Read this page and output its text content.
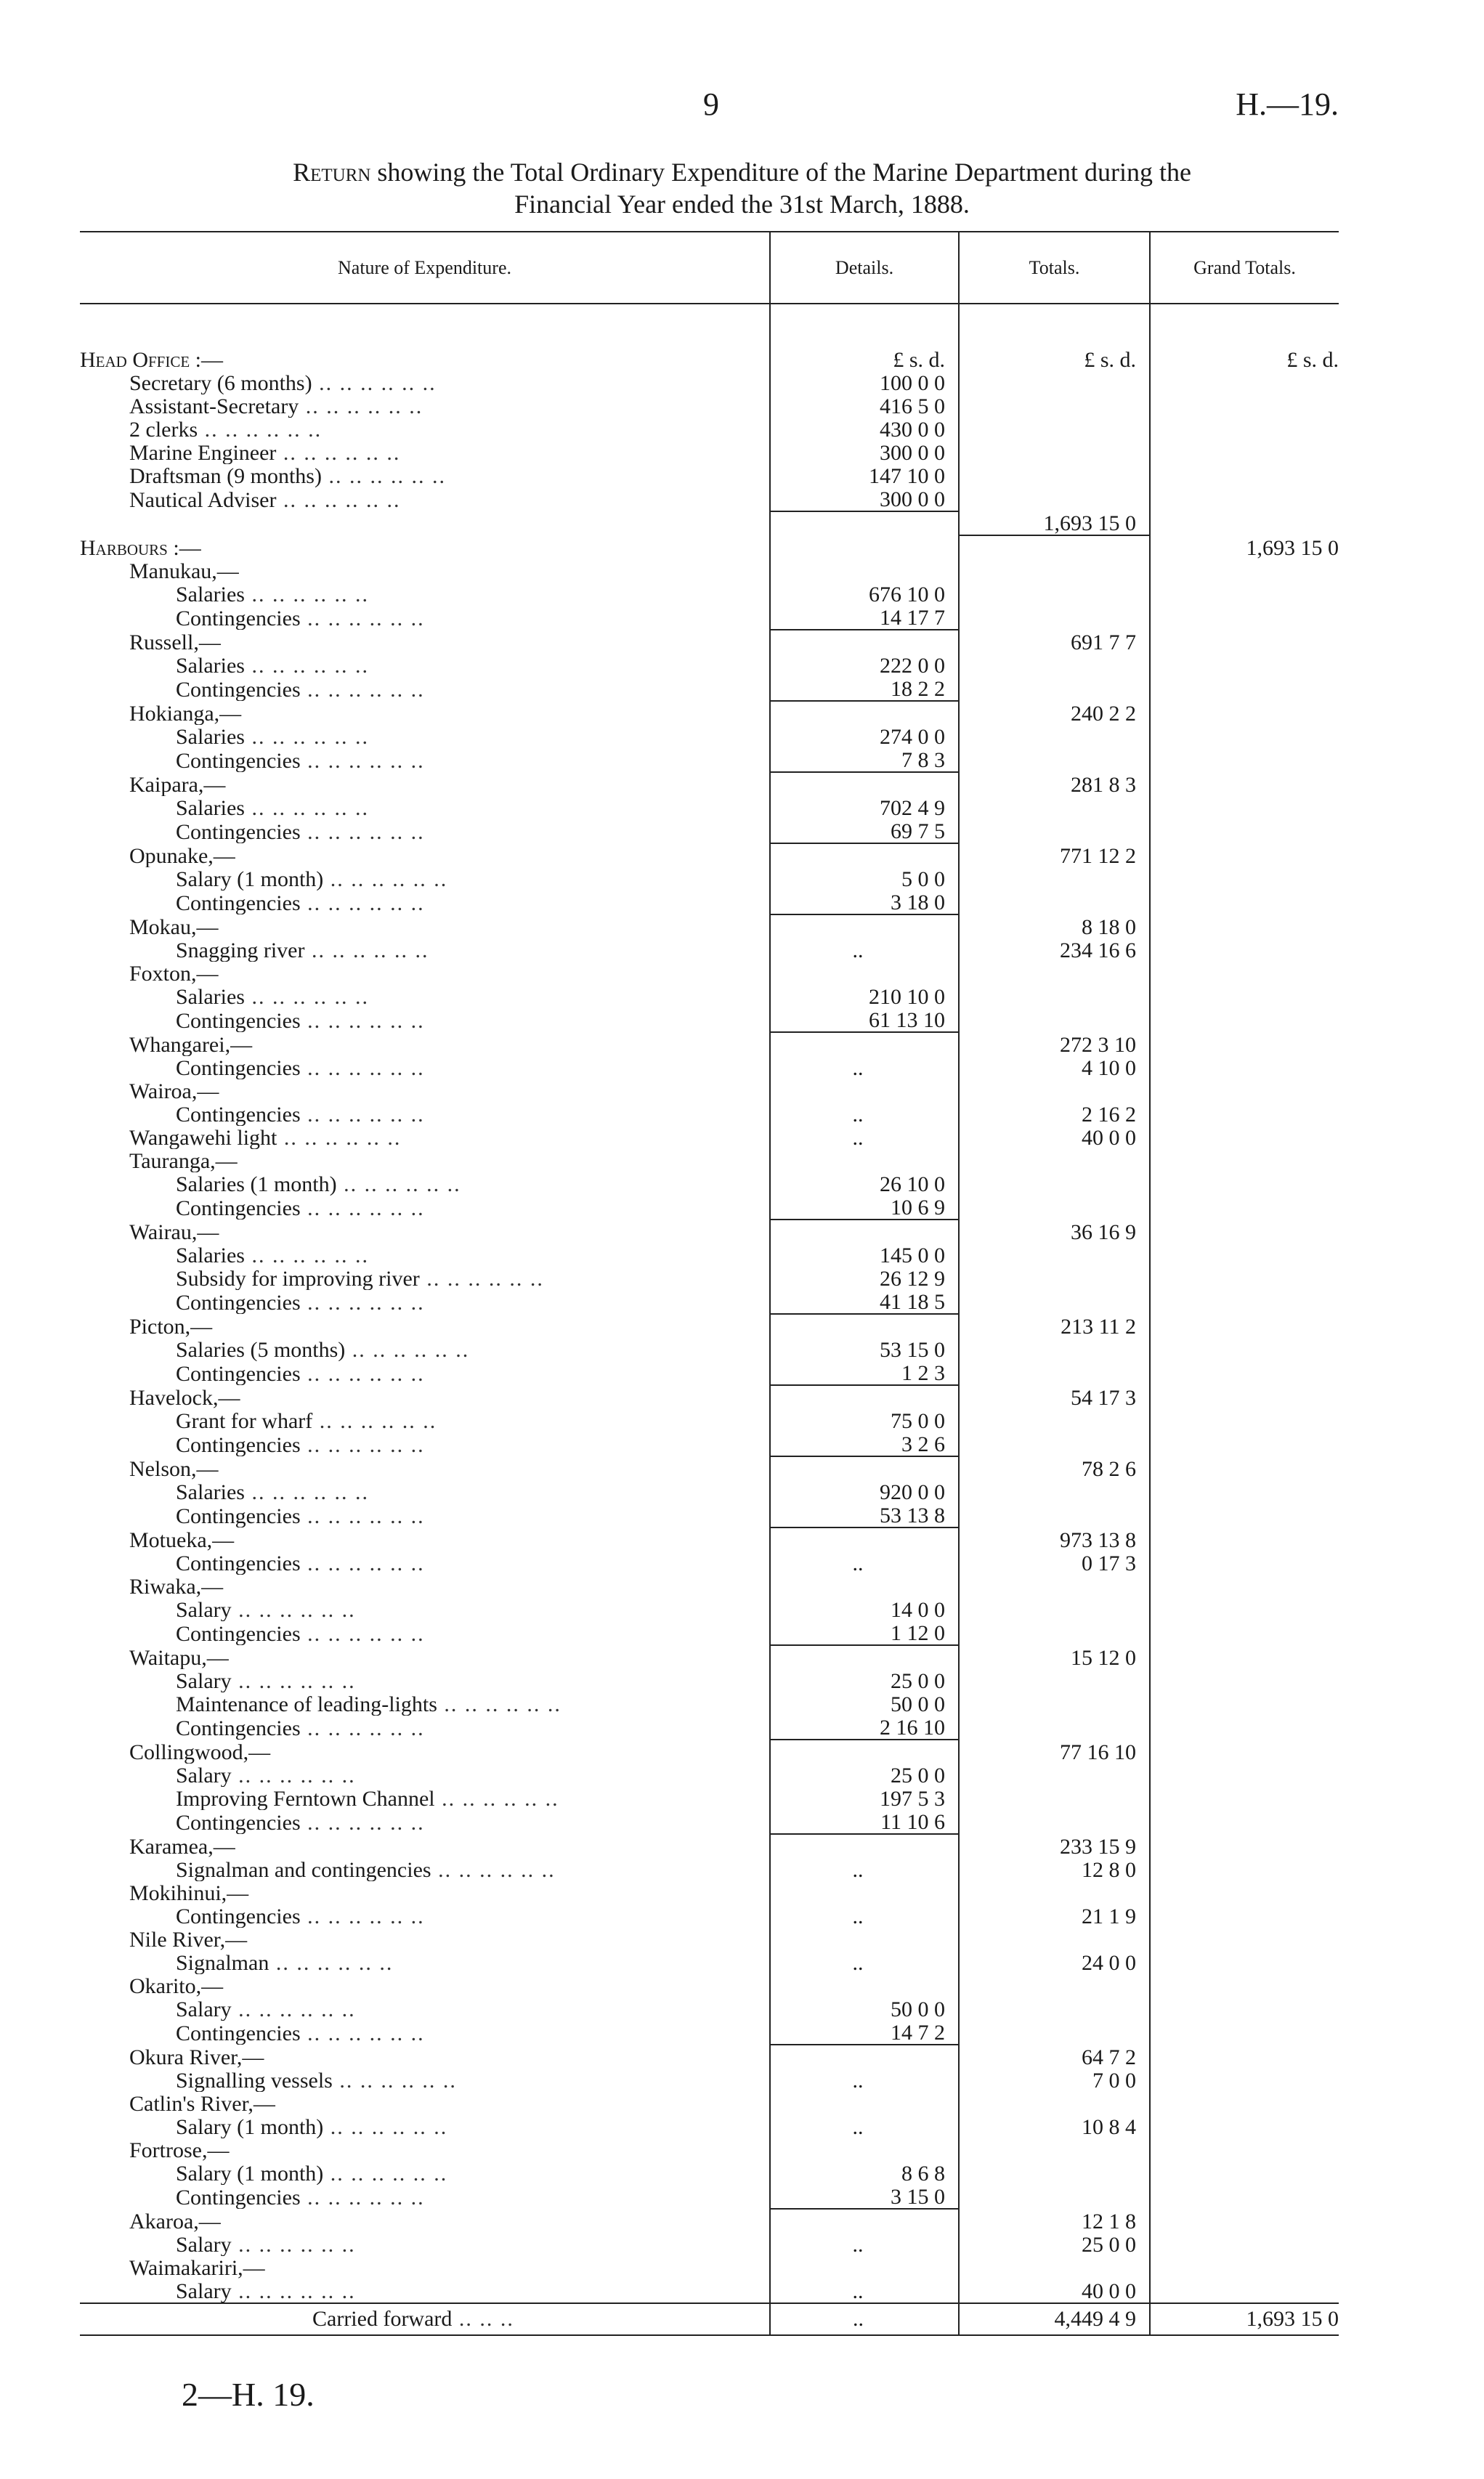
9	H.—19.
Return showing the Total Ordinary Expenditure of the Marine Department during the
Financial Year ended the 31st March, 1888.
Nature of Expenditure.	Details.	Totals.	Grand Totals.

Head Office :—	£ s. d.	£ s. d.	£ s. d.
Secretary (6 months) .. .. .. .. .. ..	100 0 0		
Assistant-Secretary .. .. .. .. .. ..	416 5 0		
2 clerks .. .. .. .. .. ..	430 0 0		
Marine Engineer .. .. .. .. .. ..	300 0 0		
Draftsman (9 months) .. .. .. .. .. ..	147 10 0		
Nautical Adviser .. .. .. .. .. ..	300 0 0		
		1,693 15 0	
Harbours :—			1,693 15 0
Manukau,—			
Salaries .. .. .. .. .. ..	676 10 0		
Contingencies .. .. .. .. .. ..	14 17 7		
Russell,—		691 7 7	
Salaries .. .. .. .. .. ..	222 0 0		
Contingencies .. .. .. .. .. ..	18 2 2		
Hokianga,—		240 2 2	
Salaries .. .. .. .. .. ..	274 0 0		
Contingencies .. .. .. .. .. ..	7 8 3		
Kaipara,—		281 8 3	
Salaries .. .. .. .. .. ..	702 4 9		
Contingencies .. .. .. .. .. ..	69 7 5		
Opunake,—		771 12 2	
Salary (1 month) .. .. .. .. .. ..	5 0 0		
Contingencies .. .. .. .. .. ..	3 18 0		
Mokau,—		8 18 0	
Snagging river .. .. .. .. .. ..	..	234 16 6	
Foxton,—			
Salaries .. .. .. .. .. ..	210 10 0		
Contingencies .. .. .. .. .. ..	61 13 10		
Whangarei,—		272 3 10	
Contingencies .. .. .. .. .. ..	..	4 10 0	
Wairoa,—			
Contingencies .. .. .. .. .. ..	..	2 16 2	
Wangawehi light .. .. .. .. .. ..	..	40 0 0	
Tauranga,—			
Salaries (1 month) .. .. .. .. .. ..	26 10 0		
Contingencies .. .. .. .. .. ..	10 6 9		
Wairau,—		36 16 9	
Salaries .. .. .. .. .. ..	145 0 0		
Subsidy for improving river .. .. .. .. .. ..	26 12 9		
Contingencies .. .. .. .. .. ..	41 18 5		
Picton,—		213 11 2	
Salaries (5 months) .. .. .. .. .. ..	53 15 0		
Contingencies .. .. .. .. .. ..	1 2 3		
Havelock,—		54 17 3	
Grant for wharf .. .. .. .. .. ..	75 0 0		
Contingencies .. .. .. .. .. ..	3 2 6		
Nelson,—		78 2 6	
Salaries .. .. .. .. .. ..	920 0 0		
Contingencies .. .. .. .. .. ..	53 13 8		
Motueka,—		973 13 8	
Contingencies .. .. .. .. .. ..	..	0 17 3	
Riwaka,—			
Salary .. .. .. .. .. ..	14 0 0		
Contingencies .. .. .. .. .. ..	1 12 0		
Waitapu,—		15 12 0	
Salary .. .. .. .. .. ..	25 0 0		
Maintenance of leading-lights .. .. .. .. .. ..	50 0 0		
Contingencies .. .. .. .. .. ..	2 16 10		
Collingwood,—		77 16 10	
Salary .. .. .. .. .. ..	25 0 0		
Improving Ferntown Channel .. .. .. .. .. ..	197 5 3		
Contingencies .. .. .. .. .. ..	11 10 6		
Karamea,—		233 15 9	
Signalman and contingencies .. .. .. .. .. ..	..	12 8 0	
Mokihinui,—			
Contingencies .. .. .. .. .. ..	..	21 1 9	
Nile River,—			
Signalman .. .. .. .. .. ..	..	24 0 0	
Okarito,—			
Salary .. .. .. .. .. ..	50 0 0		
Contingencies .. .. .. .. .. ..	14 7 2		
Okura River,—		64 7 2	
Signalling vessels .. .. .. .. .. ..	..	7 0 0	
Catlin's River,—			
Salary (1 month) .. .. .. .. .. ..	..	10 8 4	
Fortrose,—			
Salary (1 month) .. .. .. .. .. ..	8 6 8		
Contingencies .. .. .. .. .. ..	3 15 0		
Akaroa,—		12 1 8	
Salary .. .. .. .. .. ..	..	25 0 0	
Waimakariri,—			
Salary .. .. .. .. .. ..	..	40 0 0	
Carried forward .. .. ..	..	4,449 4 9	1,693 15 0
2—H. 19.
